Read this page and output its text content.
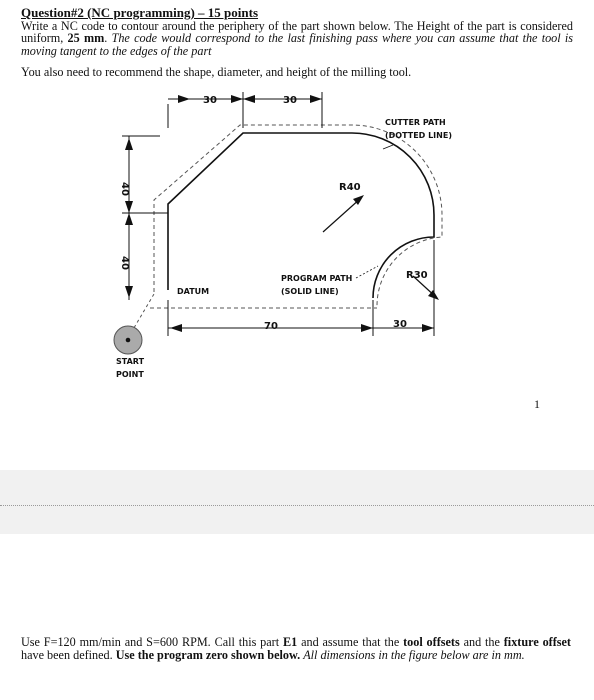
Question#2 (NC programming) – 15 points
Write a NC code to contour around the periphery of the part shown below. The Height of the part is considered uniform, 25 mm. The code would correspond to the last finishing pass where you can assume that the tool is moving tangent to the edges of the part
You also need to recommend the shape, diameter, and height of the milling tool.
30	30
40
40
70	30
R40
R30
CUTTER PATH
(DOTTED LINE)
PROGRAM PATH
(SOLID LINE)
DATUM
START
POINT
1
Use F=120 mm/min and S=600 RPM. Call this part E1 and assume that the tool offsets and the fixture offset have been defined. Use the program zero shown below. All dimensions in the figure below are in mm.
